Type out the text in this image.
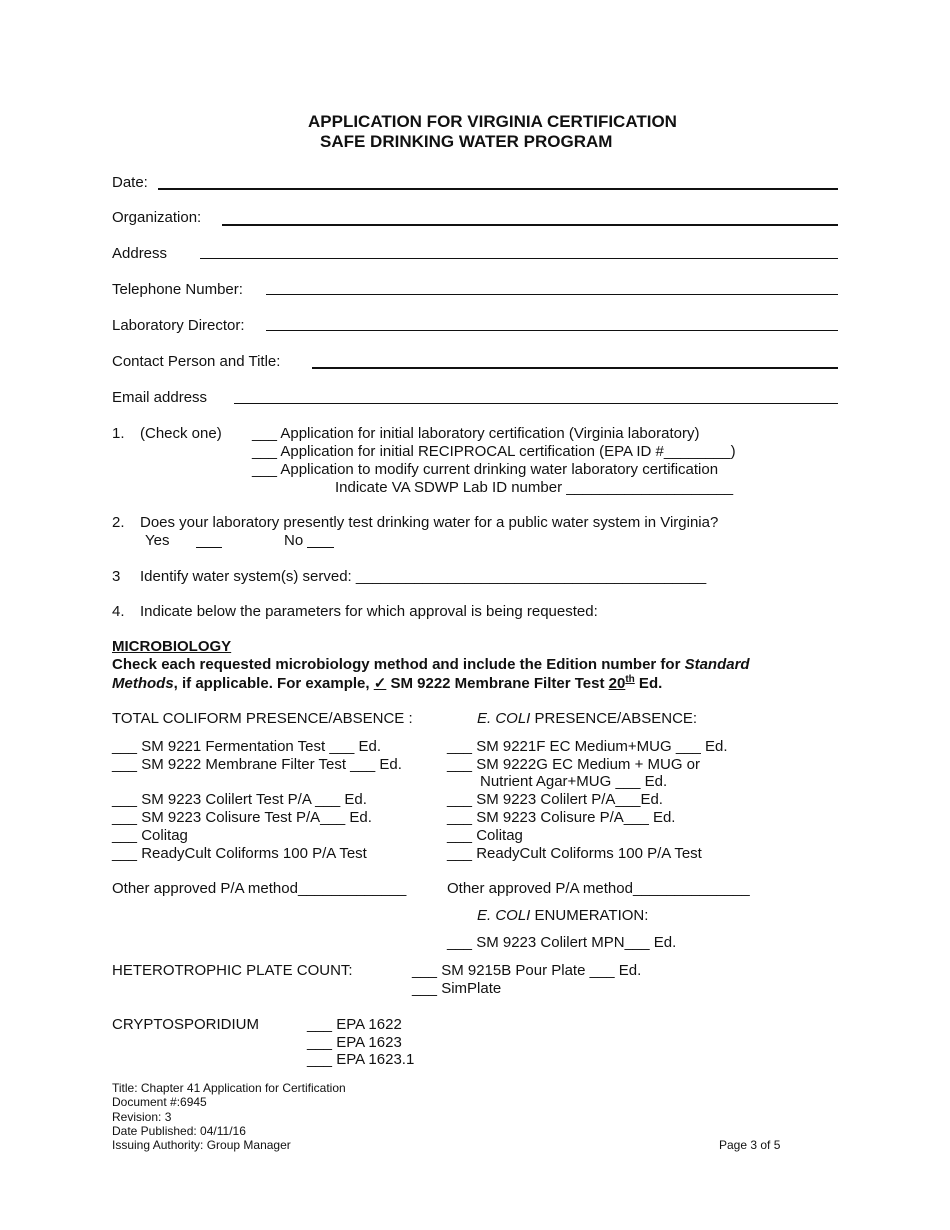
APPLICATION FOR VIRGINIA CERTIFICATION
SAFE DRINKING WATER PROGRAM
Date:
Organization:
Address
Telephone Number:
Laboratory Director:
Contact Person and Title:
Email address
1. (Check one) ___ Application for initial laboratory certification (Virginia laboratory)
___ Application for initial RECIPROCAL certification (EPA ID #________)
___ Application to modify current drinking water laboratory certification
Indicate VA SDWP Lab ID number ____________________
2. Does your laboratory presently test drinking water for a public water system in Virginia?
Yes	No
3 Identify water system(s) served: __________________________________________
4. Indicate below the parameters for which approval is being requested:
MICROBIOLOGY
Check each requested microbiology method and include the Edition number for Standard
Methods, if applicable. For example, ✓ SM 9222 Membrane Filter Test 20th Ed.
TOTAL COLIFORM PRESENCE/ABSENCE :
___ SM 9221 Fermentation Test ___ Ed.
___ SM 9222 Membrane Filter Test ___ Ed.
___ SM 9223 Colilert Test P/A ___ Ed.
___ SM 9223 Colisure Test P/A___ Ed.
___ Colitag
___ ReadyCult Coliforms 100 P/A Test
Other approved P/A method_____________
E. COLI PRESENCE/ABSENCE:
___ SM 9221F EC Medium+MUG ___ Ed.
___ SM 9222G EC Medium + MUG or
Nutrient Agar+MUG ___ Ed.
___ SM 9223 Colilert P/A___Ed.
___ SM 9223 Colisure P/A___ Ed.
___ Colitag
___ ReadyCult Coliforms 100 P/A Test
Other approved P/A method______________
E. COLI ENUMERATION:
___ SM 9223 Colilert MPN___ Ed.
HETEROTROPHIC PLATE COUNT:	___ SM 9215B Pour Plate ___ Ed.
___ SimPlate
CRYPTOSPORIDIUM	___ EPA 1622
___ EPA 1623
___ EPA 1623.1
Title: Chapter 41 Application for Certification
Document #:6945
Revision: 3
Date Published: 04/11/16
Issuing Authority: Group Manager	Page 3 of 5
